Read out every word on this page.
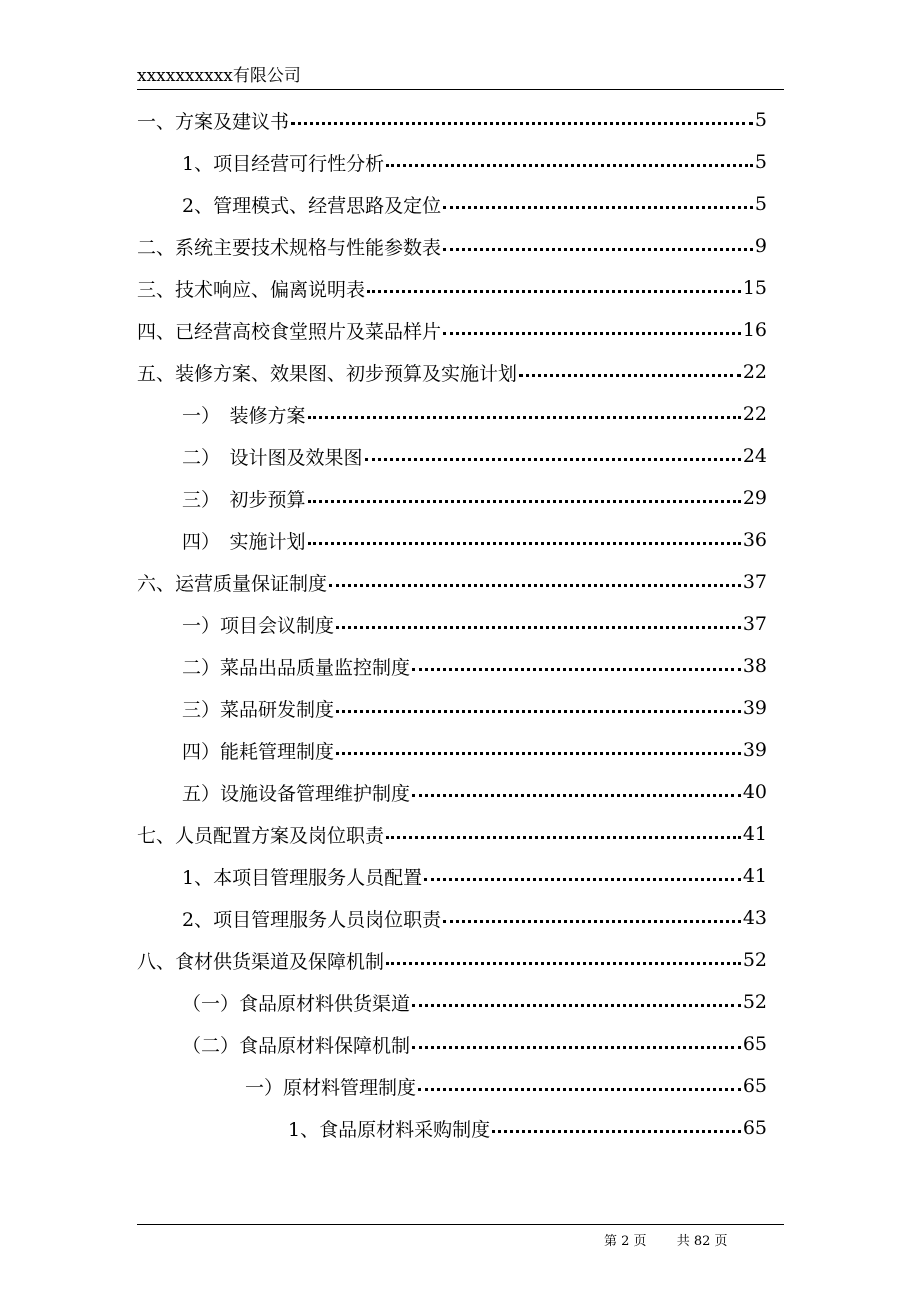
xxxxxxxxxx有限公司
一、方案及建议书	5
1、项目经营可行性分析	5
2、管理模式、经营思路及定位	5
二、系统主要技术规格与性能参数表	9
三、技术响应、偏离说明表	15
四、已经营高校食堂照片及菜品样片	16
五、装修方案、效果图、初步预算及实施计划	22
一）　装修方案	22
二）　设计图及效果图	24
三）　初步预算	29
四）　实施计划	36
六、运营质量保证制度	37
一）项目会议制度	37
二）菜品出品质量监控制度	38
三）菜品研发制度	39
四）能耗管理制度	39
五）设施设备管理维护制度	40
七、人员配置方案及岗位职责	41
1、本项目管理服务人员配置	41
2、项目管理服务人员岗位职责	43
八、食材供货渠道及保障机制	52
（一）食品原材料供货渠道	52
（二）食品原材料保障机制	65
一）原材料管理制度	65
1、食品原材料采购制度	65
第 2 页 共 82 页
